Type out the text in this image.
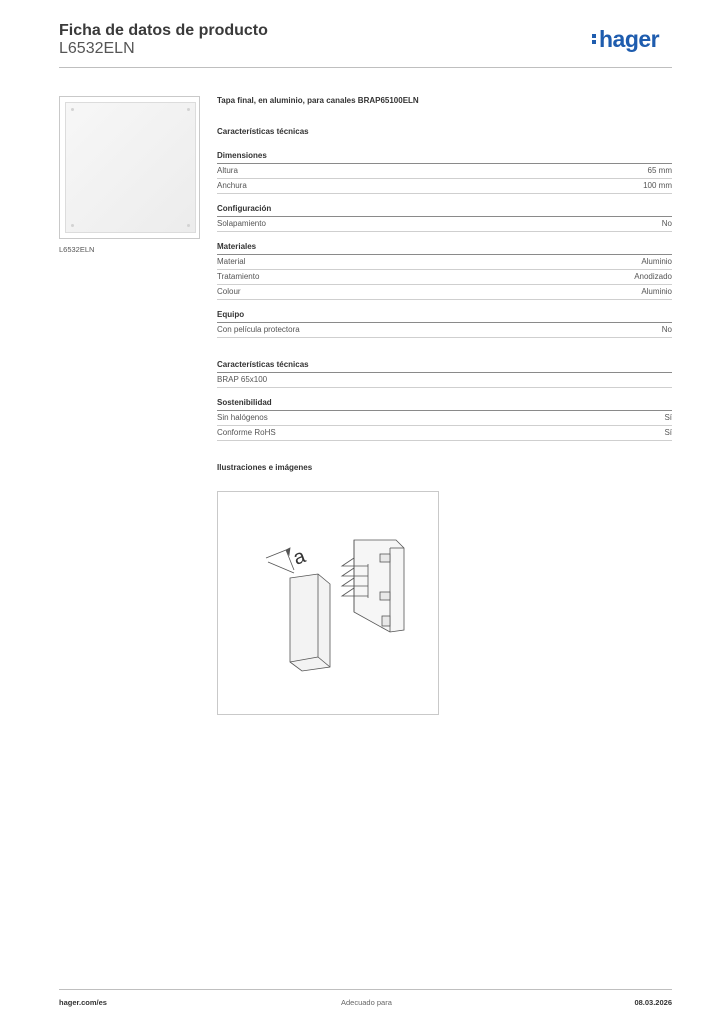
Ficha de datos de producto
L6532ELN	hager
L6532ELN
Tapa final, en aluminio, para canales BRAP65100ELN
Características técnicas
Dimensiones
Altura	65 mm
Anchura	100 mm
Configuración
Solapamiento	No
Materiales
Material	Aluminio
Tratamiento	Anodizado
Colour	Aluminio
Equipo
Con película protectora	No
Características técnicas
BRAP 65x100
Sostenibilidad
Sin halógenos	Sí
Conforme RoHS	Sí
Ilustraciones e imágenes
a
hager.com/es	Adecuado para	08.03.2026
